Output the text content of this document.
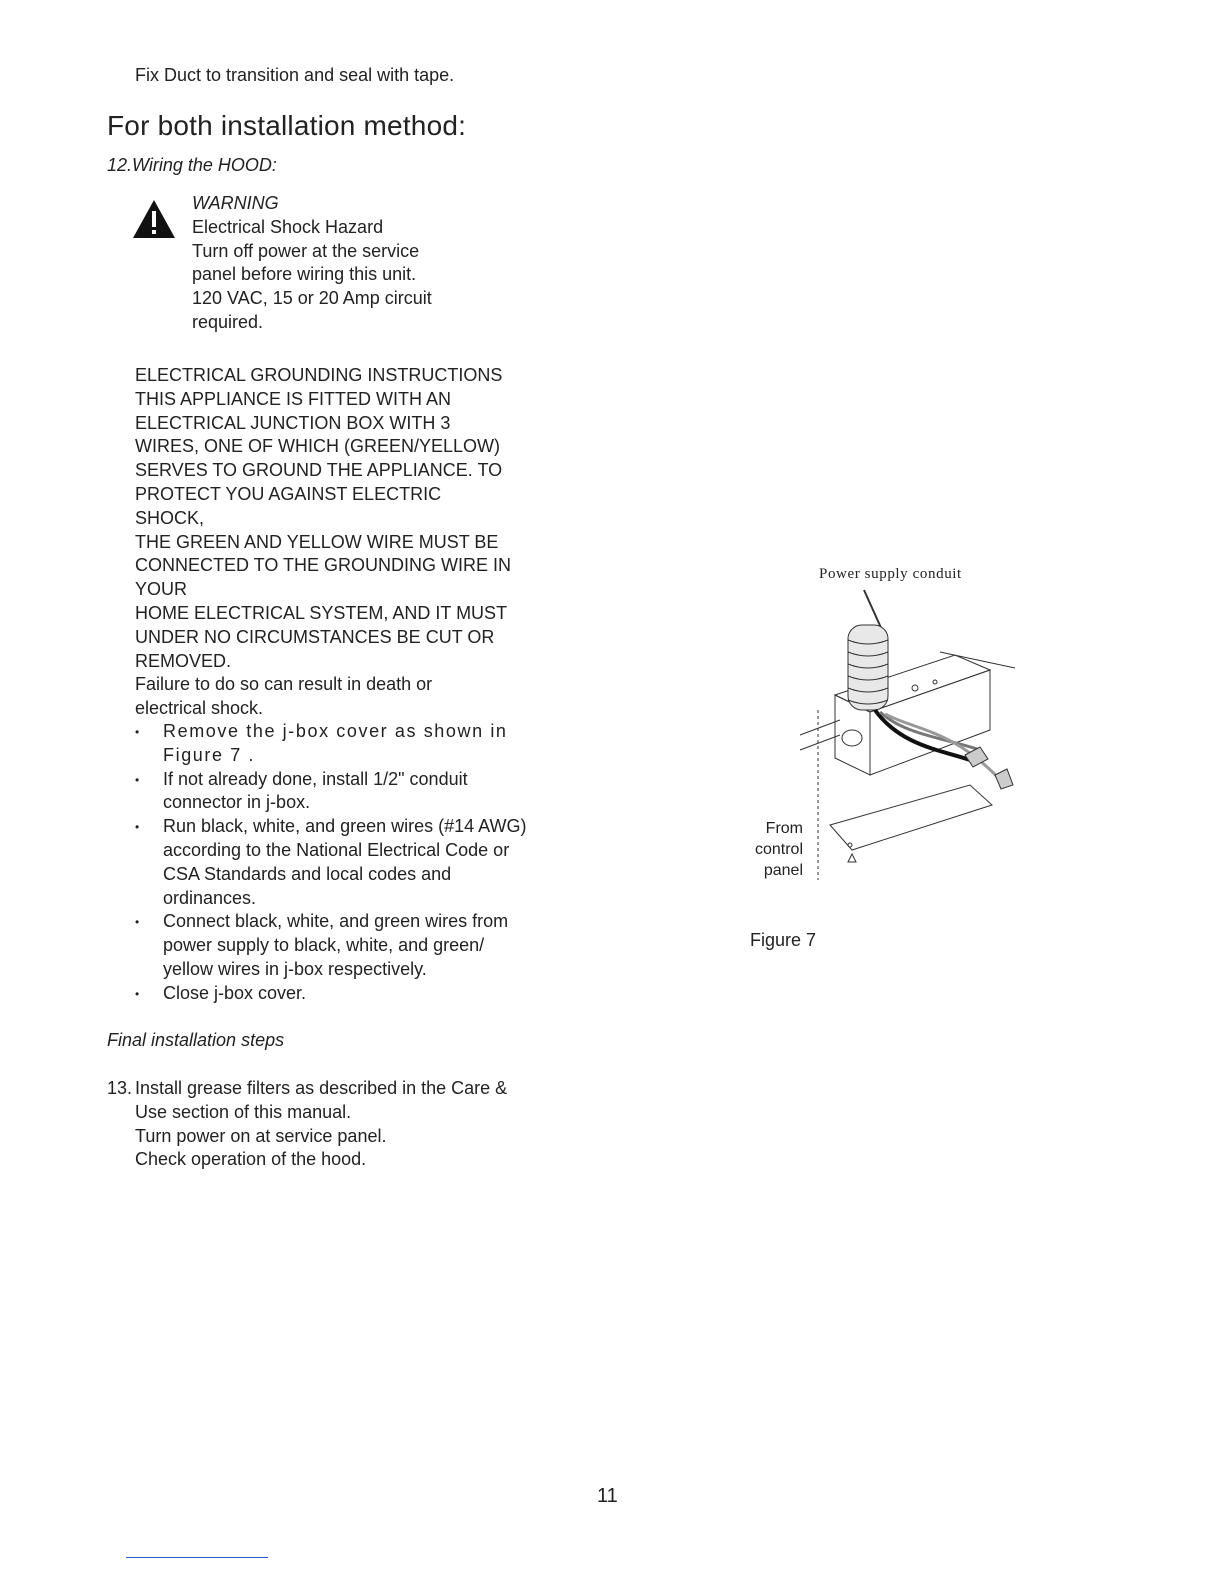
Fix Duct to transition and seal with tape.
For both installation method:
12.Wiring the HOOD:
WARNING
Electrical Shock Hazard
Turn off power at the service
panel before wiring this unit.
120 VAC, 15 or 20 Amp circuit
required.
ELECTRICAL GROUNDING INSTRUCTIONS
THIS APPLIANCE IS FITTED WITH AN
ELECTRICAL JUNCTION BOX WITH 3
WIRES, ONE OF WHICH (GREEN/YELLOW)
SERVES TO GROUND THE APPLIANCE. TO
PROTECT YOU AGAINST ELECTRIC SHOCK,
THE GREEN AND YELLOW WIRE MUST BE
CONNECTED TO THE GROUNDING WIRE IN
YOUR
HOME ELECTRICAL SYSTEM, AND IT MUST
UNDER NO CIRCUMSTANCES BE CUT OR
REMOVED.
Failure to do so can result in death or
electrical shock.
• Remove the j-box cover as shown in Figure 7 .
• If not already done, install 1/2" conduit connector in j-box.
• Run black, white, and green wires (#14 AWG) according to the National Electrical Code or CSA Standards and local codes and ordinances.
• Connect black, white, and green wires from power supply to black, white, and green/ yellow wires in j-box respectively.
• Close j-box cover.
Final installation steps
13. Install grease filters as described in the Care &
Use section of this manual.
Turn power on at service panel.
Check operation of the hood.
Power supply conduit
From
control
panel
Figure 7
11
